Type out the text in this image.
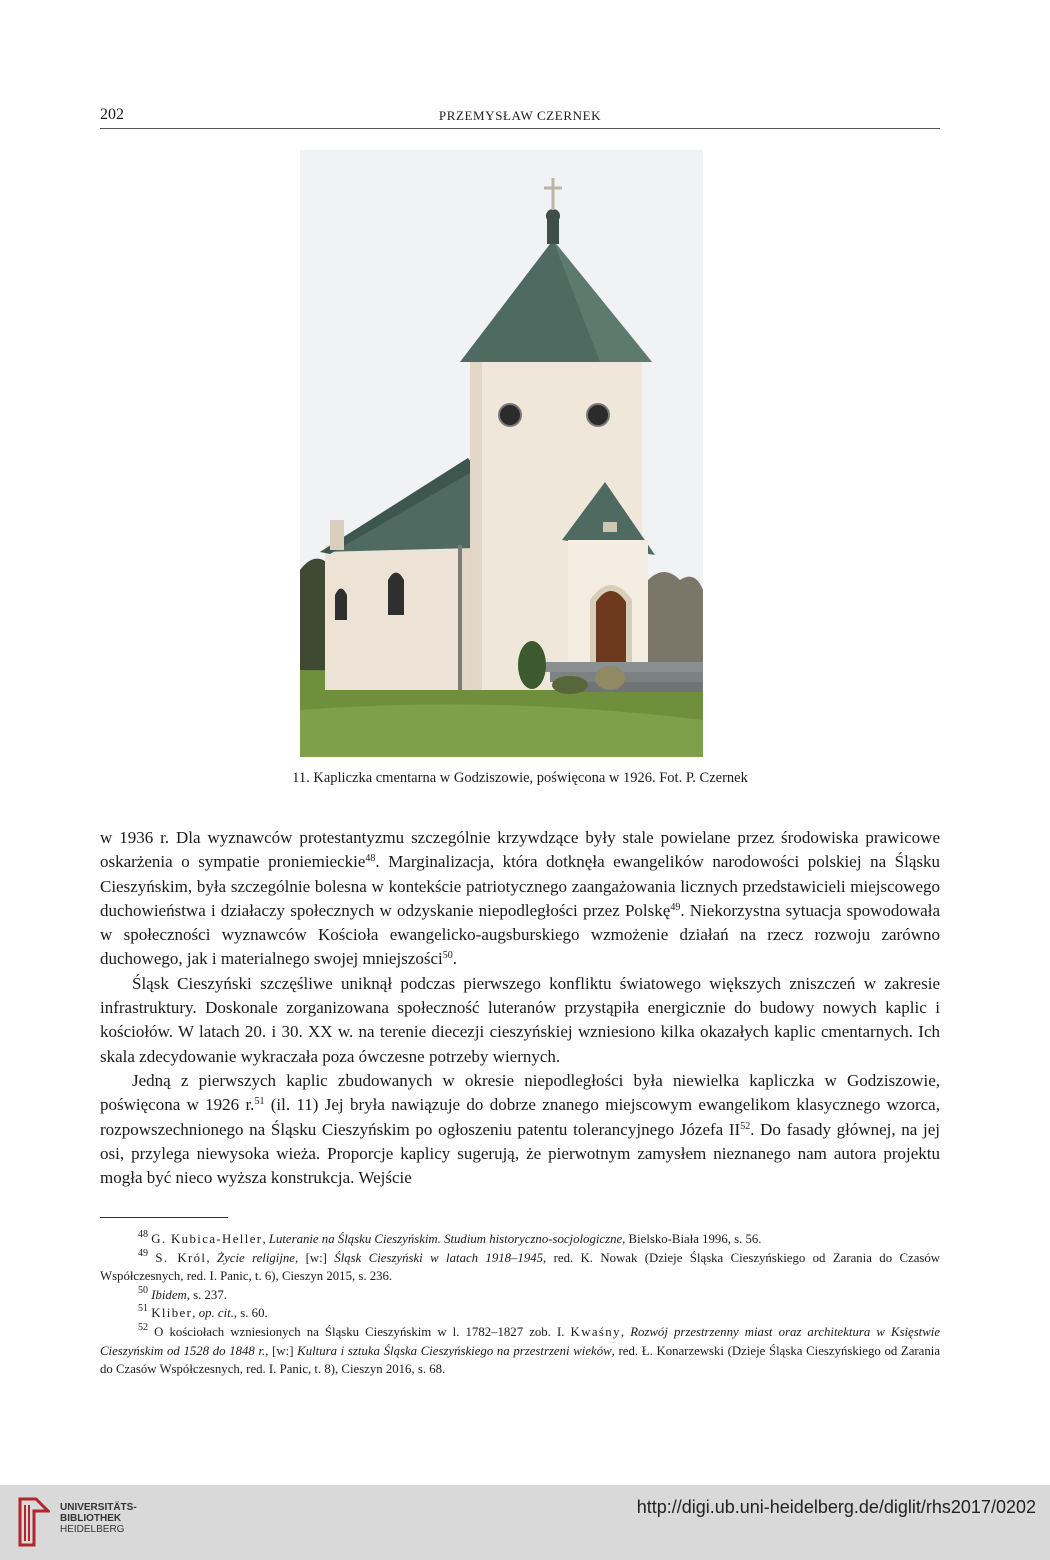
202	PRZEMYSŁAW CZERNEK
11. Kapliczka cmentarna w Godziszowie, poświęcona w 1926. Fot. P. Czernek

w 1936 r. Dla wyznawców protestantyzmu szczególnie krzywdzące były stale powielane przez środowiska prawicowe oskarżenia o sympatie proniemieckie$^{48}$. Marginalizacja, która dotknęła ewangelików narodowości polskiej na Śląsku Cieszyńskim, była szczególnie bolesna w kontekście patriotycznego zaangażowania licznych przedstawicieli miejscowego duchowieństwa i działaczy społecznych w odzyskanie niepodległości przez Polskę$^{49}$. Niekorzystna sytuacja spowodowała w społeczności wyznawców Kościoła ewangelicko-augsburskiego wzmożenie działań na rzecz rozwoju zarówno duchowego, jak i materialnego swojej mniejszości$^{50}$.

Śląsk Cieszyński szczęśliwe uniknął podczas pierwszego konfliktu światowego większych zniszczeń w zakresie infrastruktury. Doskonale zorganizowana społeczność luteranów przystąpiła energicznie do budowy nowych kaplic i kościołów. W latach 20. i 30. XX w. na terenie diecezji cieszyńskiej wzniesiono kilka okazałych kaplic cmentarnych. Ich skala zdecydowanie wykraczała poza ówczesne potrzeby wiernych.

Jedną z pierwszych kaplic zbudowanych w okresie niepodległości była niewielka kapliczka w Godziszowie, poświęcona w 1926 r.$^{51}$ (il. 11) Jej bryła nawiązuje do dobrze znanego miejscowym ewangelikom klasycznego wzorca, rozpowszechnionego na Śląsku Cieszyńskim po ogłoszeniu patentu tolerancyjnego Józefa II$^{52}$. Do fasady głównej, na jej osi, przylega niewysoka wieża. Proporcje kaplicy sugerują, że pierwotnym zamysłem nieznanego nam autora projektu mogła być nieco wyższa konstrukcja. Wejście

$^{48}$ G. Kubica-Heller, Luteranie na Śląsku Cieszyńskim. Studium historyczno-socjologiczne, Bielsko-Biała 1996, s. 56.

$^{49}$ S. Król, Życie religijne, [w:] Śląsk Cieszyński w latach 1918–1945, red. K. Nowak (Dzieje Śląska Cieszyńskiego od Zarania do Czasów Współczesnych, red. I. Panic, t. 6), Cieszyn 2015, s. 236.

$^{50}$ Ibidem, s. 237.

$^{51}$ Kliber, op. cit., s. 60.

$^{52}$ O kościołach wzniesionych na Śląsku Cieszyńskim w l. 1782–1827 zob. I. Kwaśny, Rozwój przestrzenny miast oraz architektura w Księstwie Cieszyńskim od 1528 do 1848 r., [w:] Kultura i sztuka Śląska Cieszyńskiego na przestrzeni wieków, red. Ł. Konarzewski (Dzieje Śląska Cieszyńskiego od Zarania do Czasów Współczesnych, red. I. Panic, t. 8), Cieszyn 2016, s. 68.

UNIVERSITÄTS-
BIBLIOTHEK
HEIDELBERG
http://digi.ub.uni-heidelberg.de/diglit/rhs2017/0202
